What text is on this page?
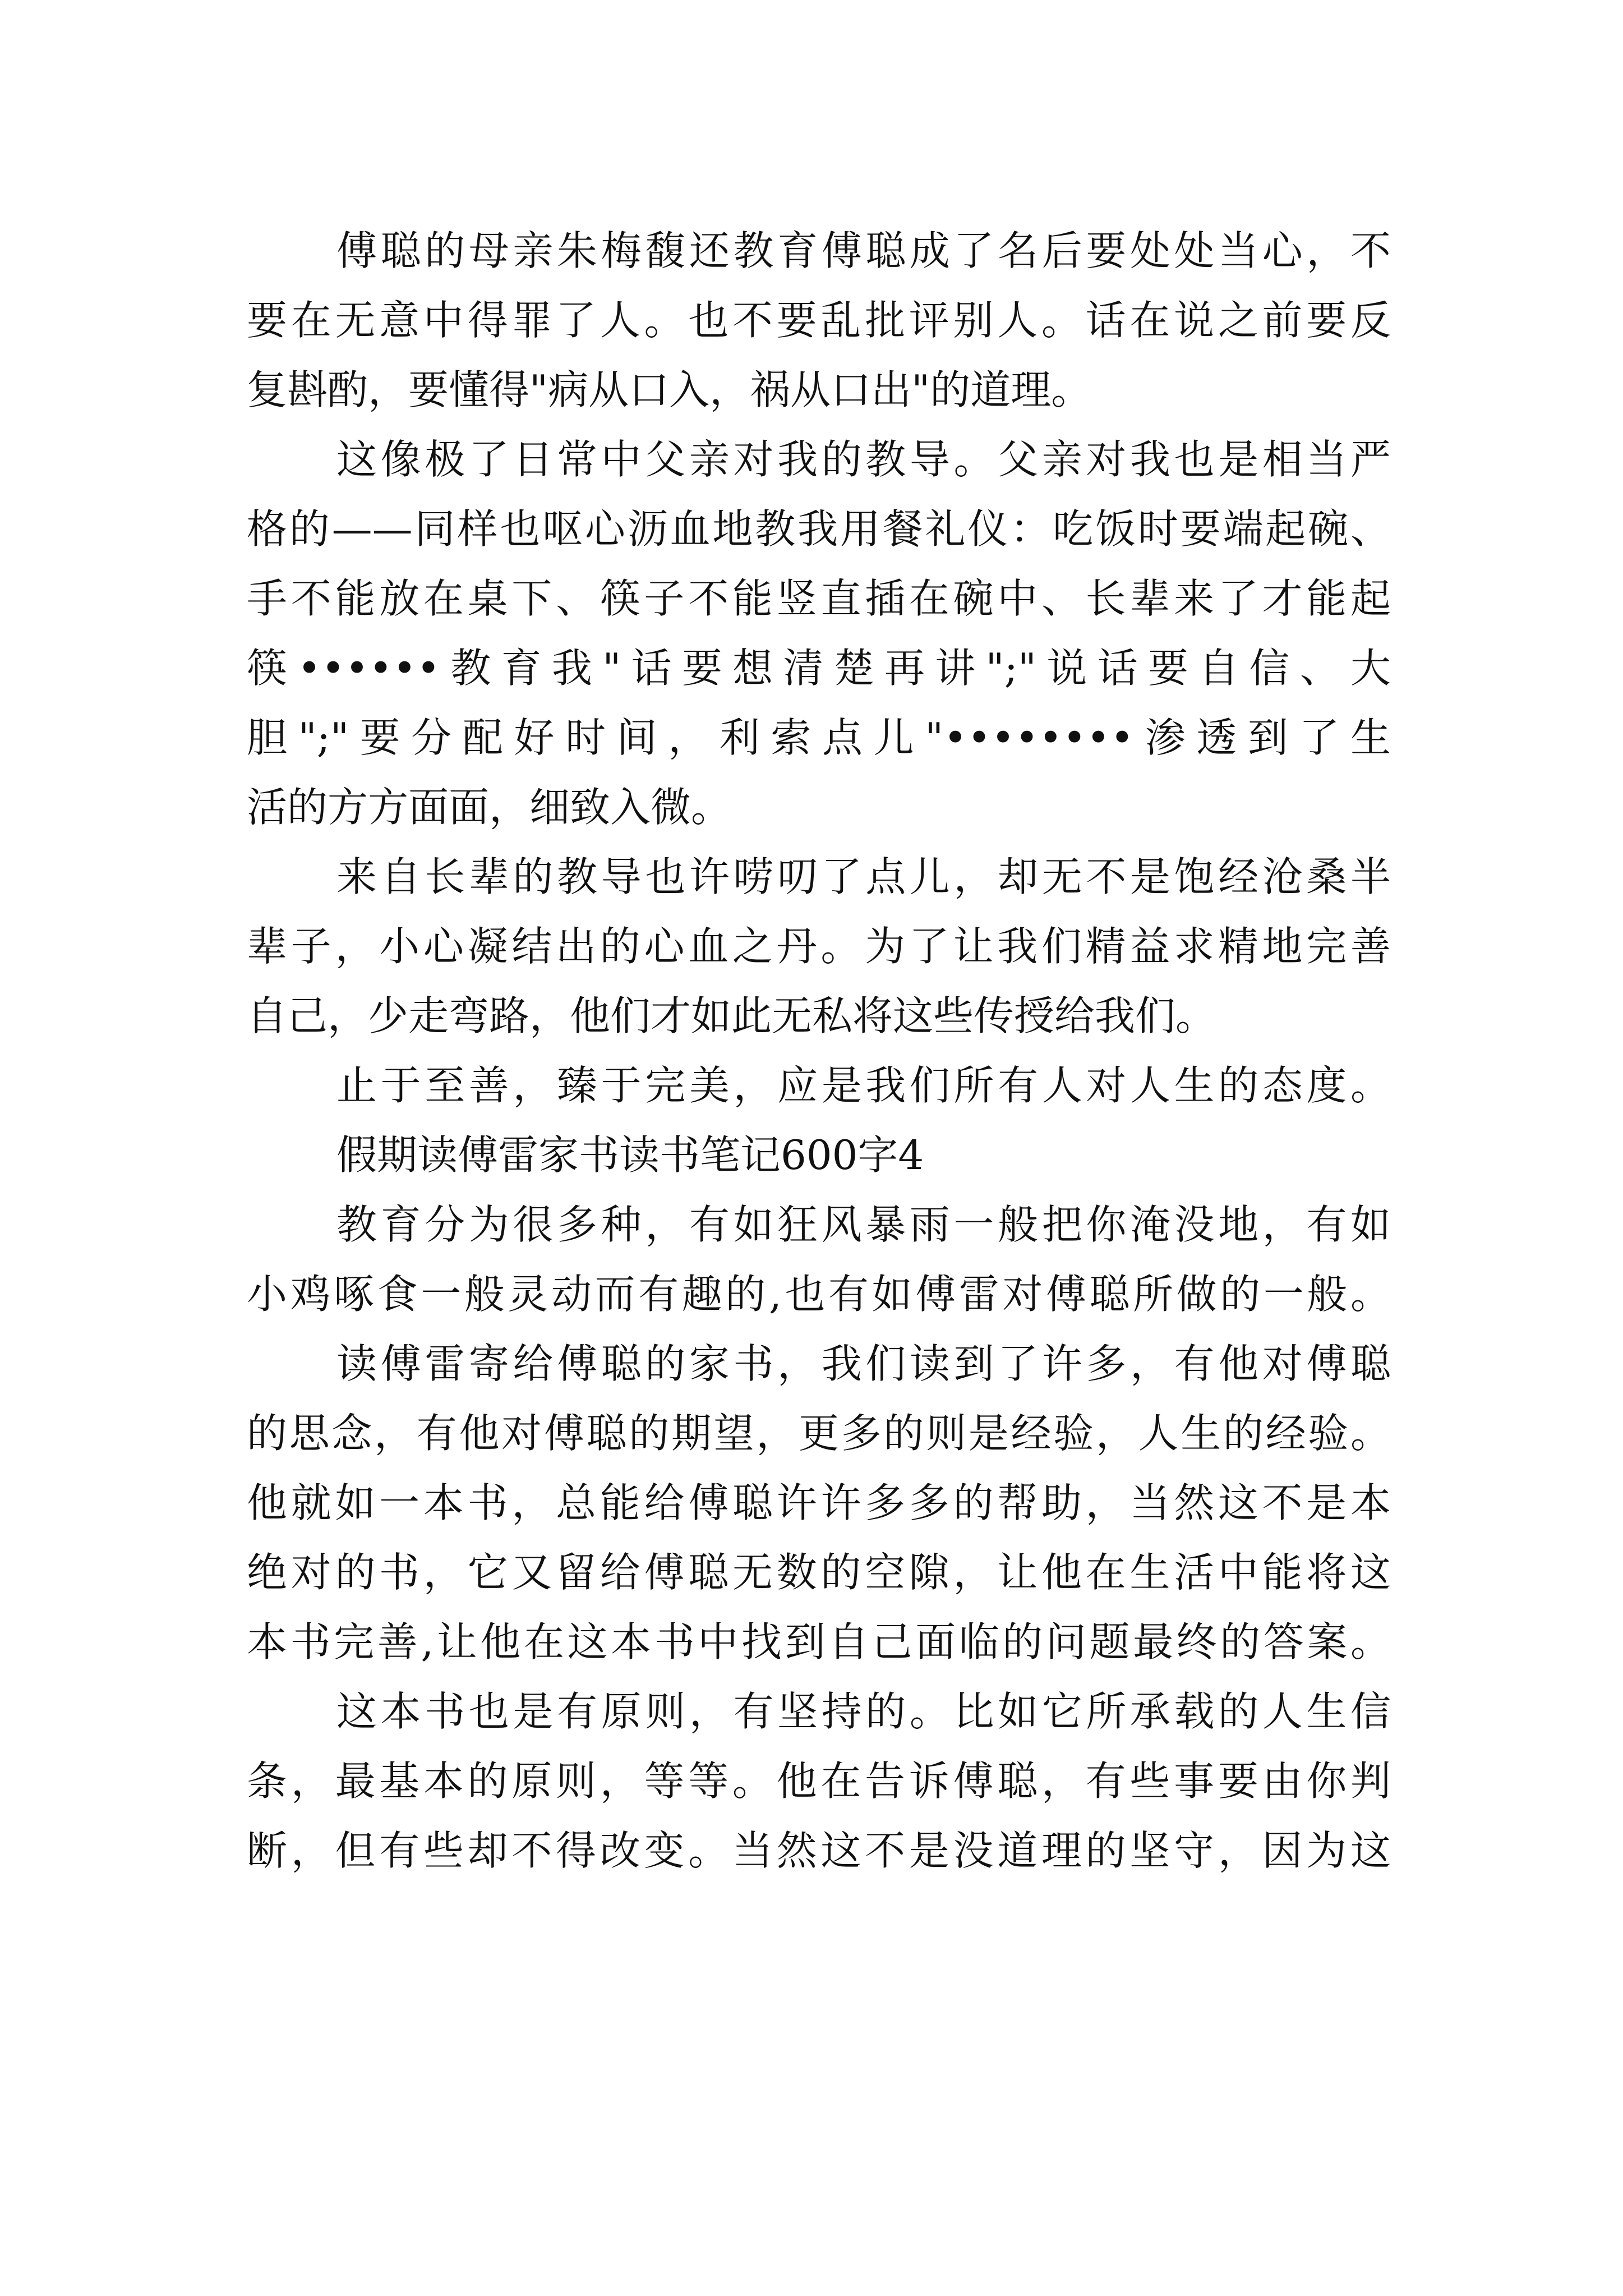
傅聪的母亲朱梅馥还教育傅聪成了名后要处处当心，不
要在无意中得罪了人。也不要乱批评别人。话在说之前要反
复斟酌，要懂得"病从口入，祸从口出"的道理。
这像极了日常中父亲对我的教导。父亲对我也是相当严
格的——同样也呕心沥血地教我用餐礼仪：吃饭时要端起碗、
手不能放在桌下、筷子不能竖直插在碗中、长辈来了才能起
筷••••••教育我"话要想清楚再讲";"说话要自信、大
胆";"要分配好时间，利索点儿"••••••••渗透到了生
活的方方面面，细致入微。
来自长辈的教导也许唠叨了点儿，却无不是饱经沧桑半
辈子，小心凝结出的心血之丹。为了让我们精益求精地完善
自己，少走弯路，他们才如此无私将这些传授给我们。
止于至善，臻于完美，应是我们所有人对人生的态度。
假期读傅雷家书读书笔记600字4
教育分为很多种，有如狂风暴雨一般把你淹没地，有如
小鸡啄食一般灵动而有趣的,也有如傅雷对傅聪所做的一般。
读傅雷寄给傅聪的家书，我们读到了许多，有他对傅聪
的思念，有他对傅聪的期望，更多的则是经验，人生的经验。
他就如一本书，总能给傅聪许许多多的帮助，当然这不是本
绝对的书，它又留给傅聪无数的空隙，让他在生活中能将这
本书完善,让他在这本书中找到自己面临的问题最终的答案。
这本书也是有原则，有坚持的。比如它所承载的人生信
条，最基本的原则，等等。他在告诉傅聪，有些事要由你判
断，但有些却不得改变。当然这不是没道理的坚守，因为这
